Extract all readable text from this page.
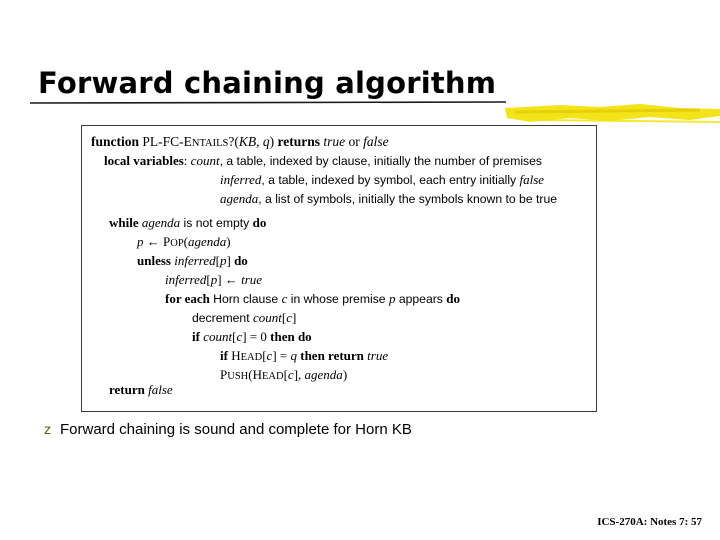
Forward chaining algorithm
function PL-FC-ENTAILS?(KB, q) returns true or false
local variables: count, a table, indexed by clause, initially the number of premises
inferred, a table, indexed by symbol, each entry initially false
agenda, a list of symbols, initially the symbols known to be true
while agenda is not empty do
p ← POP(agenda)
unless inferred[p] do
inferred[p] ← true
for each Horn clause c in whose premise p appears do
decrement count[c]
if count[c] = 0 then do
if HEAD[c] = q then return true
PUSH(HEAD[c], agenda)
return false
z Forward chaining is sound and complete for Horn KB
ICS-270A: Notes 7: 57
